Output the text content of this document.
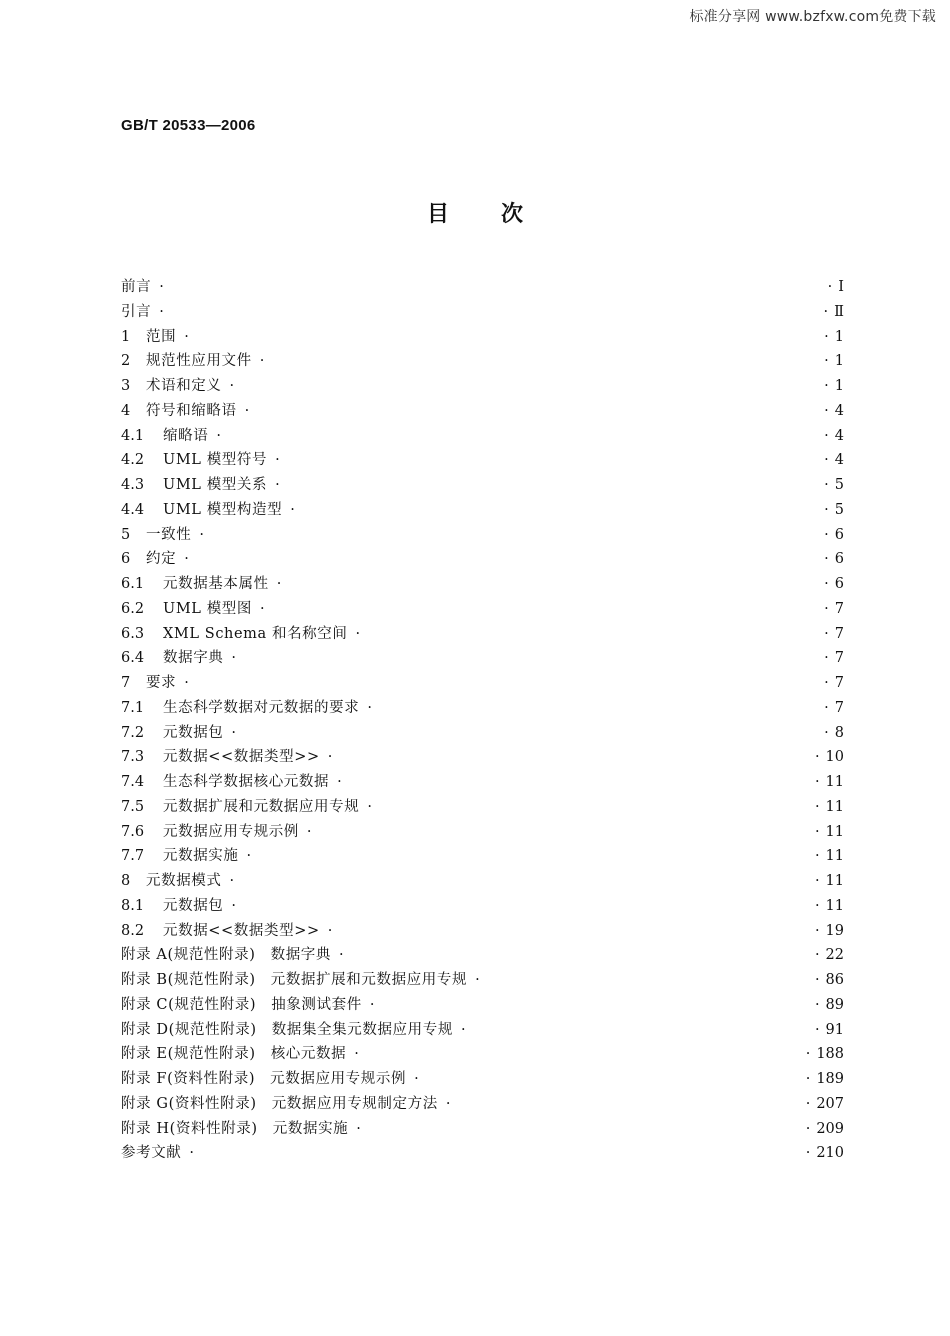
标准分享网 www.bzfxw.com免费下载
GB/T 20533—2006
目次
前言 ·	· Ⅰ
引言 ·	· Ⅱ
1	范围 ·	· 1
2	规范性应用文件 ·	· 1
3	术语和定义 ·	· 1
4	符号和缩略语 ·	· 4
4.1	缩略语 ·	· 4
4.2	UML 模型符号 ·	· 4
4.3	UML 模型关系 ·	· 5
4.4	UML 模型构造型 ·	· 5
5	一致性 ·	· 6
6	约定 ·	· 6
6.1	元数据基本属性 ·	· 6
6.2	UML 模型图 ·	· 7
6.3	XML Schema 和名称空间 ·	· 7
6.4	数据字典 ·	· 7
7	要求 ·	· 7
7.1	生态科学数据对元数据的要求 ·	· 7
7.2	元数据包 ·	· 8
7.3	元数据<<数据类型>> ·	· 10
7.4	生态科学数据核心元数据 ·	· 11
7.5	元数据扩展和元数据应用专规 ·	· 11
7.6	元数据应用专规示例 ·	· 11
7.7	元数据实施 ·	· 11
8	元数据模式 ·	· 11
8.1	元数据包 ·	· 11
8.2	元数据<<数据类型>> ·	· 19
附录 A(规范性附录)　数据字典 ·	· 22
附录 B(规范性附录)　元数据扩展和元数据应用专规 ·	· 86
附录 C(规范性附录)　抽象测试套件 ·	· 89
附录 D(规范性附录)　数据集全集元数据应用专规 ·	· 91
附录 E(规范性附录)　核心元数据 ·	· 188
附录 F(资料性附录)　元数据应用专规示例 ·	· 189
附录 G(资料性附录)　元数据应用专规制定方法 ·	· 207
附录 H(资料性附录)　元数据实施 ·	· 209
参考文献 ·	· 210
